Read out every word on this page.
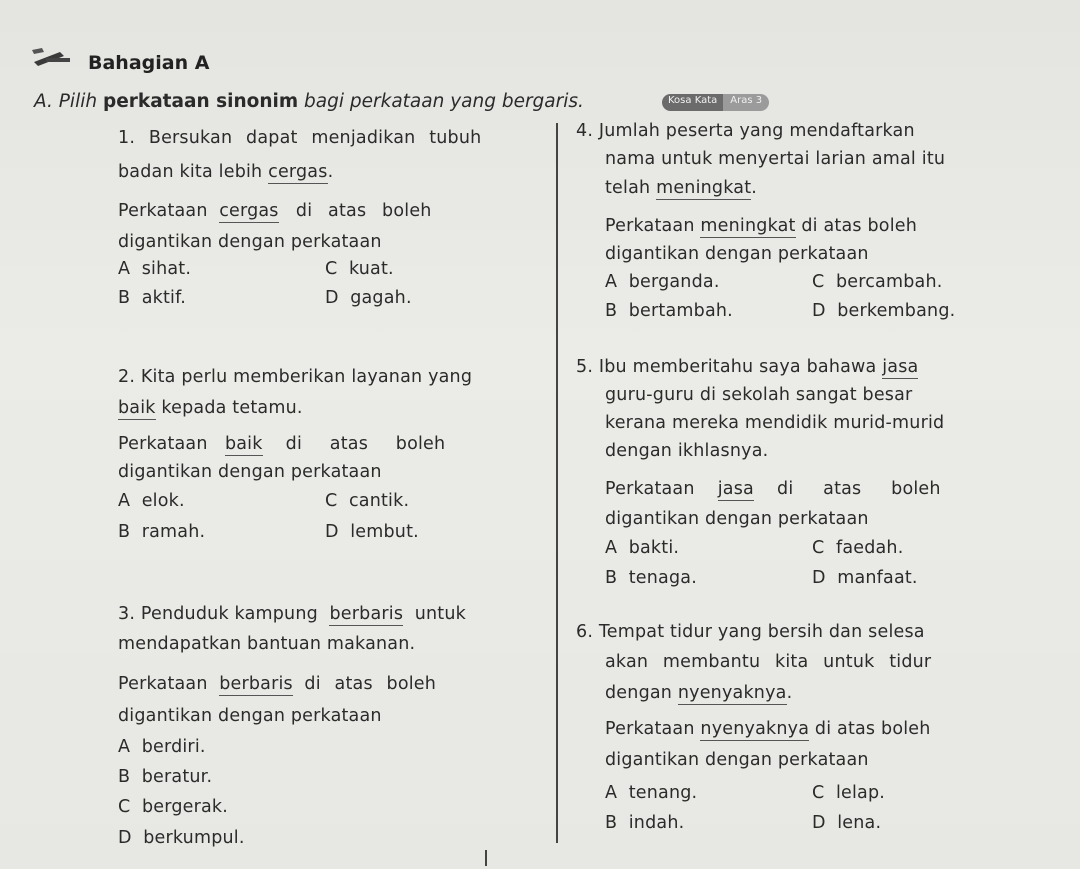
Bahagian A
A. Pilih perkataan sinonim bagi perkataan yang bergaris.	Kosa Kata	Aras 3
1. Bersukan dapat menjadikan tubuh
badan kita lebih cergas.
Perkataan cergas di atas boleh
digantikan dengan perkataan
A  sihat.	C  kuat.
B  aktif.	D  gagah.
2. Kita perlu memberikan layanan yang
baik kepada tetamu.
Perkataan baik di atas boleh
digantikan dengan perkataan
A  elok.	C  cantik.
B  ramah.	D  lembut.
3. Penduduk kampung berbaris untuk
mendapatkan bantuan makanan.
Perkataan berbaris di atas boleh
digantikan dengan perkataan
A  berdiri.
B  beratur.
C  bergerak.
D  berkumpul.
4. Jumlah peserta yang mendaftarkan
nama untuk menyertai larian amal itu
telah meningkat.
Perkataan meningkat di atas boleh
digantikan dengan perkataan
A  berganda.	C  bercambah.
B  bertambah.	D  berkembang.
5. Ibu memberitahu saya bahawa jasa
guru-guru di sekolah sangat besar
kerana mereka mendidik murid-murid
dengan ikhlasnya.
Perkataan jasa di atas boleh
digantikan dengan perkataan
A  bakti.	C  faedah.
B  tenaga.	D  manfaat.
6. Tempat tidur yang bersih dan selesa
akan membantu kita untuk tidur
dengan nyenyaknya.
Perkataan nyenyaknya di atas boleh
digantikan dengan perkataan
A  tenang.	C  lelap.
B  indah.	D  lena.
